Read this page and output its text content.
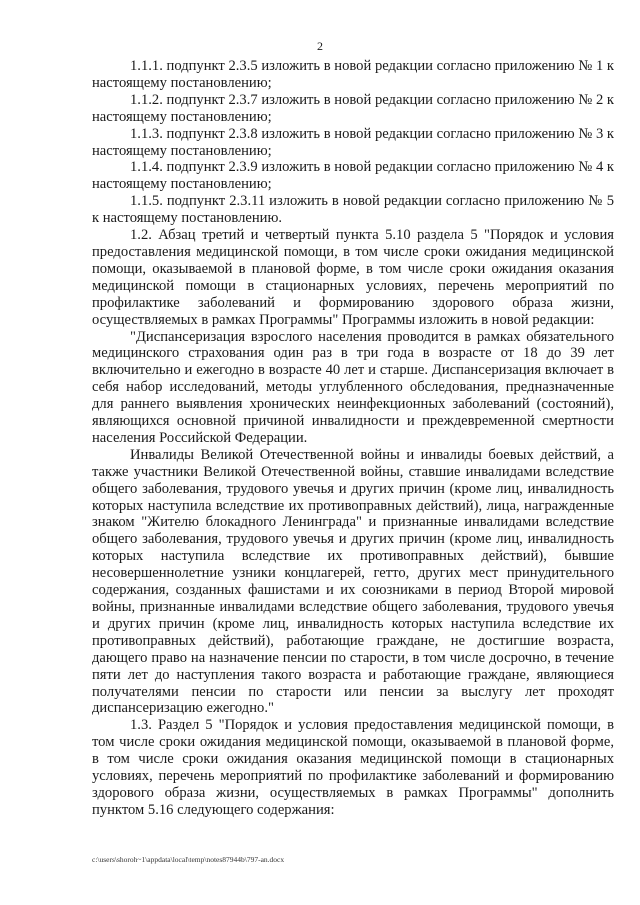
2

1.1.1. подпункт 2.3.5 изложить в новой редакции согласно приложению № 1 к настоящему постановлению;

1.1.2. подпункт 2.3.7 изложить в новой редакции согласно приложению № 2 к настоящему постановлению;

1.1.3. подпункт 2.3.8 изложить в новой редакции согласно приложению № 3 к настоящему постановлению;

1.1.4. подпункт 2.3.9 изложить в новой редакции согласно приложению № 4 к настоящему постановлению;

1.1.5. подпункт 2.3.11 изложить в новой редакции согласно приложению № 5 к настоящему постановлению.

1.2. Абзац третий и четвертый пункта 5.10 раздела 5 "Порядок и условия предоставления медицинской помощи, в том числе сроки ожидания медицинской помощи, оказываемой в плановой форме, в том числе сроки ожидания оказания медицинской помощи в стационарных условиях, перечень мероприятий по профилактике заболеваний и формированию здорового образа жизни, осуществляемых в рамках Программы" Программы изложить в новой редакции:

"Диспансеризация взрослого населения проводится в рамках обязательного медицинского страхования один раз в три года в возрасте от 18 до 39 лет включительно и ежегодно в возрасте 40 лет и старше. Диспансеризация включает в себя набор исследований, методы углубленного обследования, предназначенные для раннего выявления хронических неинфекционных заболеваний (состояний), являющихся основной причиной инвалидности и преждевременной смертности населения Российской Федерации.

Инвалиды Великой Отечественной войны и инвалиды боевых действий, а также участники Великой Отечественной войны, ставшие инвалидами вследствие общего заболевания, трудового увечья и других причин (кроме лиц, инвалидность которых наступила вследствие их противоправных действий), лица, награжденные знаком "Жителю блокадного Ленинграда" и признанные инвалидами вследствие общего заболевания, трудового увечья и других причин (кроме лиц, инвалидность которых наступила вследствие их противоправных действий), бывшие несовершеннолетние узники концлагерей, гетто, других мест принудительного содержания, созданных фашистами и их союзниками в период Второй мировой войны, признанные инвалидами вследствие общего заболевания, трудового увечья и других причин (кроме лиц, инвалидность которых наступила вследствие их противоправных действий), работающие граждане, не достигшие возраста, дающего право на назначение пенсии по старости, в том числе досрочно, в течение пяти лет до наступления такого возраста и работающие граждане, являющиеся получателями пенсии по старости или пенсии за выслугу лет проходят диспансеризацию ежегодно."

1.3. Раздел 5 "Порядок и условия предоставления медицинской помощи, в том числе сроки ожидания медицинской помощи, оказываемой в плановой форме, в том числе сроки ожидания оказания медицинской помощи в стационарных условиях, перечень мероприятий по профилактике заболеваний и формированию здорового образа жизни, осуществляемых в рамках Программы" дополнить пунктом 5.16 следующего содержания:

c:\users\shoroh~1\appdata\local\temp\notes87944b\797-an.docx
